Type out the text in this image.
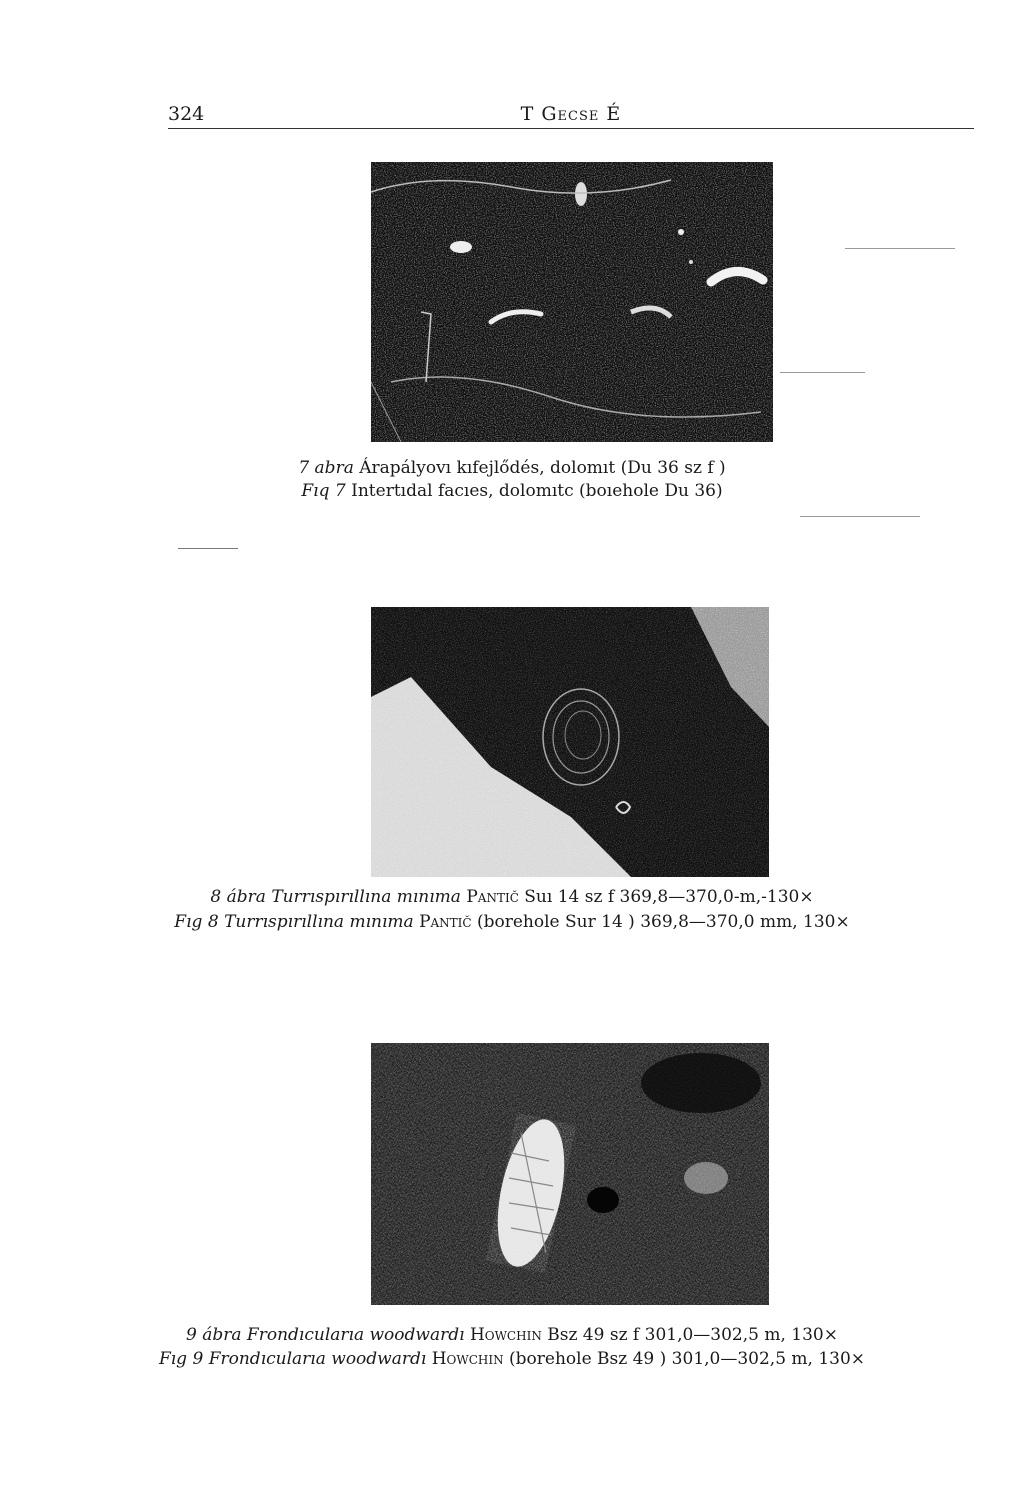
324	T Gecse É
7 abra Árapályovı kıfejlődés, dolomıt (Du 36 sz f )
Fıq 7 Intertıdal facıes, dolomıtc (boıehole Du 36)
8 ábra Turrıspırıllına mınıma Pantič Suı 14 sz f 369,8—370,0-m,-130×
Fıg 8 Turrıspırıllına mınıma Pantič (borehole Sur 14 ) 369,8—370,0 mm, 130×
9 ábra Frondıcularıa woodwardı Howchin Bsz 49 sz f 301,0—302,5 m, 130×
Fıg 9 Frondıcularıa woodwardı Howchin (borehole Bsz 49 ) 301,0—302,5 m, 130×
